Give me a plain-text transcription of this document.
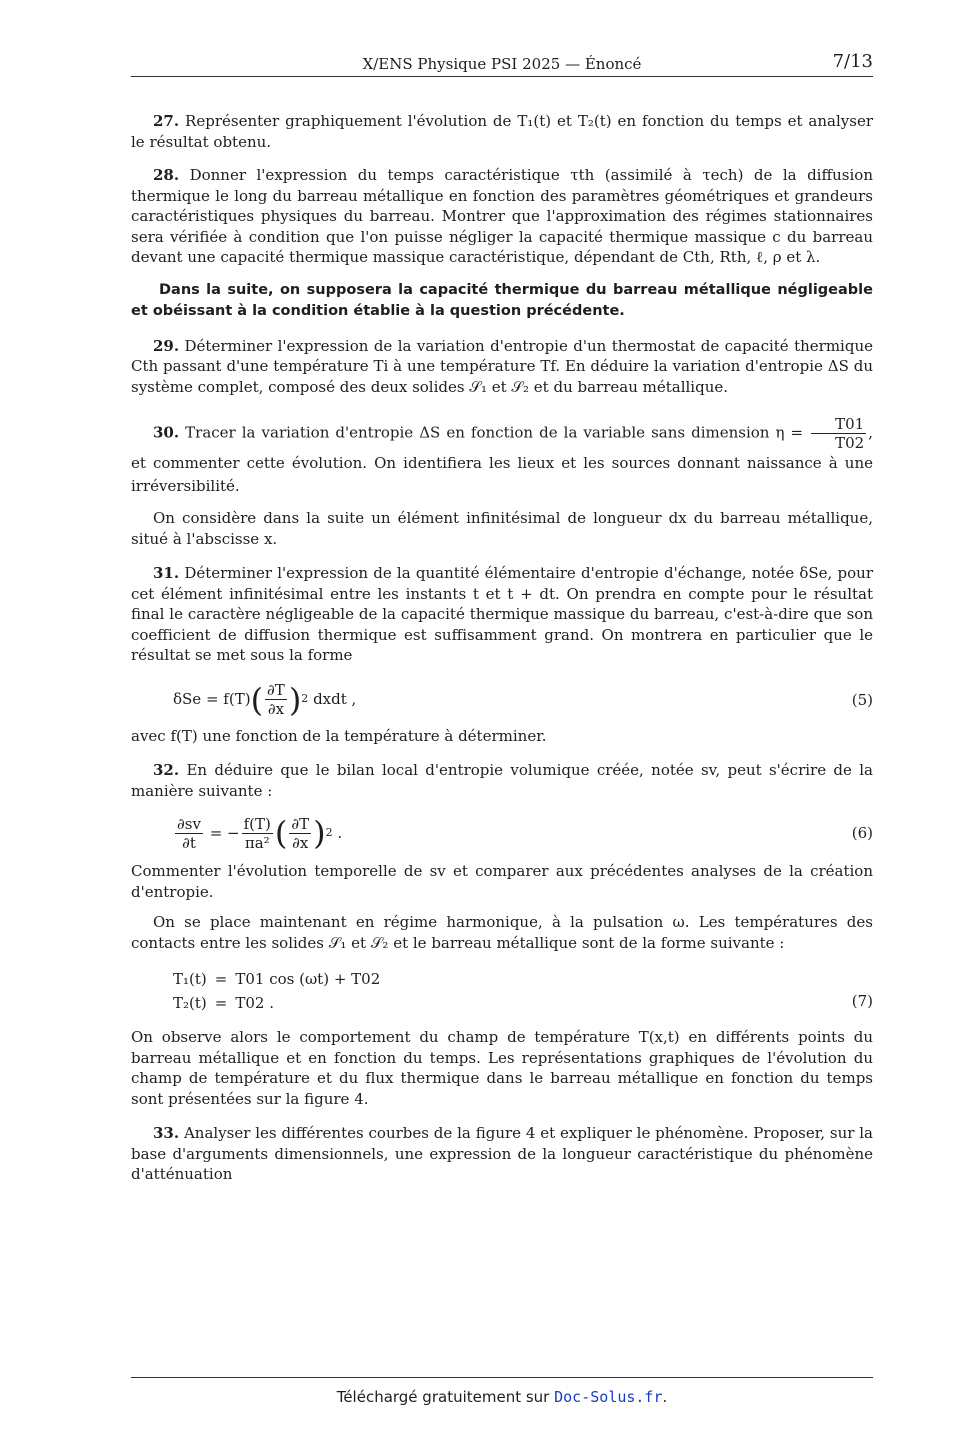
X/ENS Physique PSI 2025 — Énoncé	7/13

27. Représenter graphiquement l'évolution de T₁(t) et T₂(t) en fonction du temps et analyser le résultat obtenu.

28. Donner l'expression du temps caractéristique τth (assimilé à τech) de la diffusion thermique le long du barreau métallique en fonction des paramètres géométriques et grandeurs caractéristiques physiques du barreau. Montrer que l'approximation des régimes stationnaires sera vérifiée à condition que l'on puisse négliger la capacité thermique massique c du barreau devant une capacité thermique massique caractéristique, dépendant de Cth, Rth, ℓ, ρ et λ.

Dans la suite, on supposera la capacité thermique du barreau métallique négligeable et obéissant à la condition établie à la question précédente.

29. Déterminer l'expression de la variation d'entropie d'un thermostat de capacité thermique Cth passant d'une température Ti à une température Tf. En déduire la variation d'entropie ΔS du système complet, composé des deux solides 𝒮₁ et 𝒮₂ et du barreau métallique.

30. Tracer la variation d'entropie ΔS en fonction de la variable sans dimension $\eta = \frac{T01}{T02}$ , et commenter cette évolution. On identifiera les lieux et les sources donnant naissance à une irréversibilité.

On considère dans la suite un élément infinitésimal de longueur dx du barreau métallique, situé à l'abscisse x.

31. Déterminer l'expression de la quantité élémentaire d'entropie d'échange, notée δSe, pour cet élément infinitésimal entre les instants t et t + dt. On prendra en compte pour le résultat final le caractère négligeable de la capacité thermique massique du barreau, c'est-à-dire que son coefficient de diffusion thermique est suffisamment grand. On montrera en particulier que le résultat se met sous la forme

δSe = f(T) ( $\frac{\partial T}{\partial x}$ ) 2
dxdt ,	(5)

avec f(T) une fonction de la température à déterminer.

32. En déduire que le bilan local d'entropie volumique créée, notée sv, peut s'écrire de la manière suivante :

$\frac{\partial sv}{\partial t}$
= − $\frac{f(T)}{\text{πa²}}$ ( $\frac{\partial T}{\partial x}$ ) 2
.	(6)

Commenter l'évolution temporelle de sv et comparer aux précédentes analyses de la création d'entropie.

On se place maintenant en régime harmonique, à la pulsation ω. Les températures des contacts entre les solides 𝒮₁ et 𝒮₂ et le barreau métallique sont de la forme suivante :

T₁(t)	=	T01 cos (ωt) + T02
T₂(t)	=	T02 .	(7)

On observe alors le comportement du champ de température T(x,t) en différents points du barreau métallique et en fonction du temps. Les représentations graphiques de l'évolution du champ de température et du flux thermique dans le barreau métallique en fonction du temps sont présentées sur la figure 4.

33. Analyser les différentes courbes de la figure 4 et expliquer le phénomène. Proposer, sur la base d'arguments dimensionnels, une expression de la longueur caractéristique du phénomène d'atténuation

Téléchargé gratuitement sur Doc-Solus.fr.
